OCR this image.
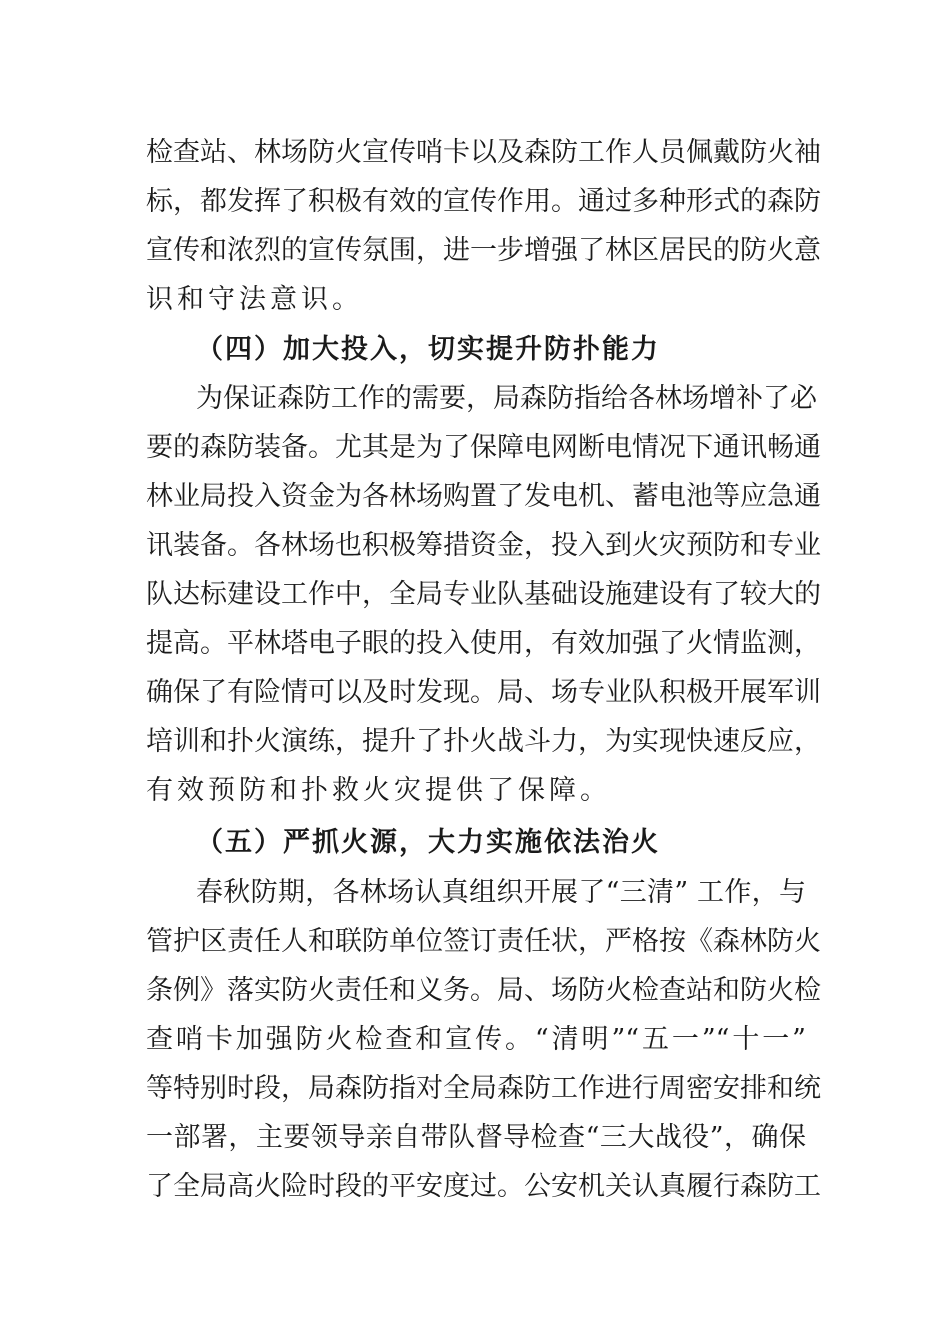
检查站、林场防火宣传哨卡以及森防工作人员佩戴防火袖
标，都发挥了积极有效的宣传作用。通过多种形式的森防
宣传和浓烈的宣传氛围，进一步增强了林区居民的防火意
识和守法意识。
（四）加大投入，切实提升防扑能力
为保证森防工作的需要，局森防指给各林场增补了必
要的森防装备。尤其是为了保障电网断电情况下通讯畅通
林业局投入资金为各林场购置了发电机、蓄电池等应急通
讯装备。各林场也积极筹措资金，投入到火灾预防和专业
队达标建设工作中，全局专业队基础设施建设有了较大的
提高。平林塔电子眼的投入使用，有效加强了火情监测，
确保了有险情可以及时发现。局、场专业队积极开展军训
培训和扑火演练，提升了扑火战斗力，为实现快速反应，
有效预防和扑救火灾提供了保障。
（五）严抓火源，大力实施依法治火
春秋防期，各林场认真组织开展了“三清” 工作，与
管护区责任人和联防单位签订责任状，严格按《森林防火
条例》落实防火责任和义务。局、场防火检查站和防火检
查哨卡加强防火检查和宣传。“清明”“五一”“十一”
等特别时段，局森防指对全局森防工作进行周密安排和统
一部署，主要领导亲自带队督导检查“三大战役”，确保
了全局高火险时段的平安度过。公安机关认真履行森防工
